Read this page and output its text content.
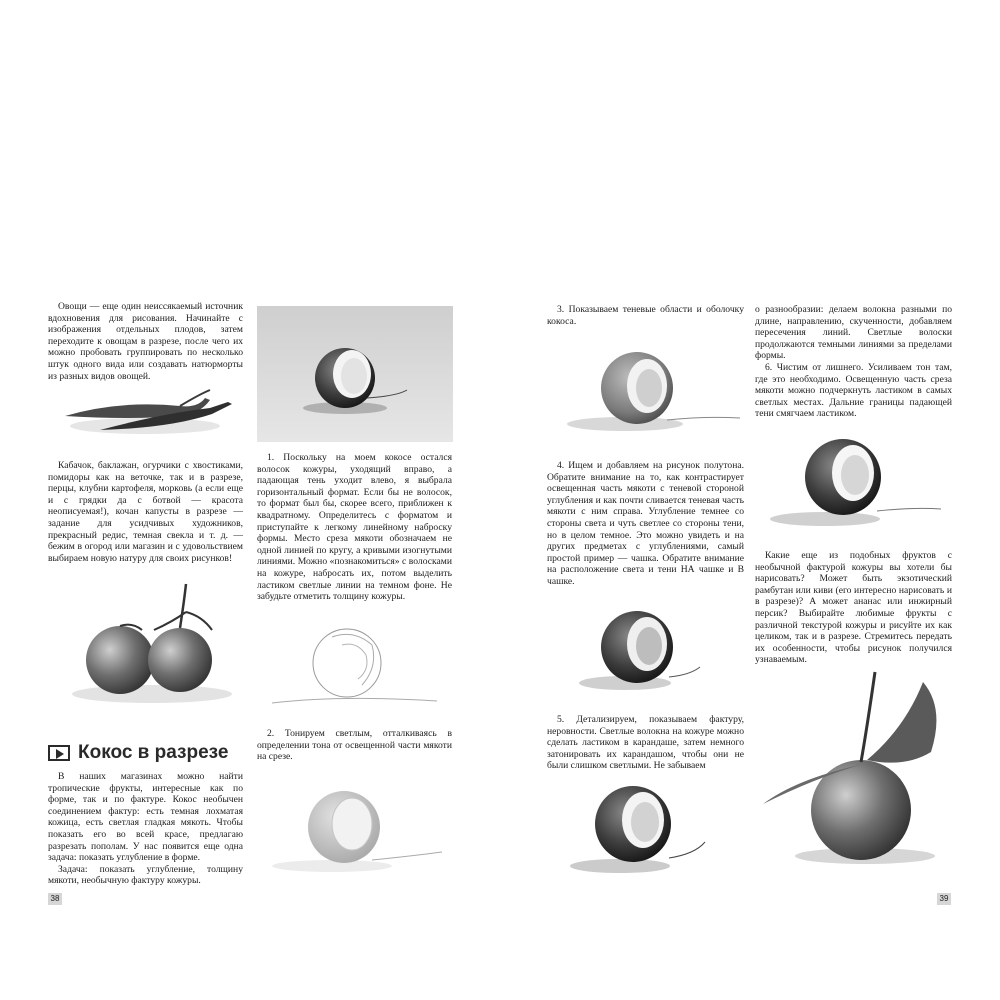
Овощи — еще один неиссякаемый источник вдохновения для рисования. Начинайте с изображения отдельных плодов, затем переходите к овощам в разрезе, после чего их можно пробовать группировать по несколько штук одного вида или создавать натюрморты из разных видов овощей.

Кабачок, баклажан, огурчики с хвостиками, помидоры как на веточке, так и в разрезе, перцы, клубни картофеля, морковь (а если еще и с грядки да с ботвой — красота неописуемая!), кочан капусты в разрезе — задание для усидчивых художников, прекрасный редис, темная свекла и т. д. — бежим в огород или магазин и с удовольствием выбираем новую натуру для своих рисунков!

Кокос в разрезе

В наших магазинах можно найти тропические фрукты, интересные как по форме, так и по фактуре. Кокос необычен соединением фактур: есть темная лохматая кожица, есть светлая гладкая мякоть. Чтобы показать его во всей красе, предлагаю разрезать пополам. У нас появится еще одна задача: показать углубление в форме.

Задача: показать углубление, толщину мякоти, необычную фактуру кожуры.

38

1. Поскольку на моем кокосе остался волосок кожуры, уходящий вправо, а падающая тень уходит влево, я выбрала горизонтальный формат. Если бы не волосок, то формат был бы, скорее всего, приближен к квадратному. Определитесь с форматом и приступайте к легкому линейному наброску формы. Место среза мякоти обозначаем не одной линией по кругу, а кривыми изогнутыми линиями. Можно «познакомиться» с волосками на кожуре, набросать их, потом выделить ластиком светлые линии на темном фоне. Не забудьте отметить толщину кожуры.

2. Тонируем светлым, отталкиваясь в определении тона от освещенной части мякоти на срезе.

3. Показываем теневые области и оболочку кокоса.

4. Ищем и добавляем на рисунок полутона. Обратите внимание на то, как контрастирует освещенная часть мякоти с теневой стороной углубления и как почти сливается теневая часть мякоти с ним справа. Углубление темнее со стороны света и чуть светлее со стороны тени, но в целом темное. Это можно увидеть и на других предметах с углублениями, самый простой пример — чашка. Обратите внимание на расположение света и тени НА чашке и В чашке.

5. Детализируем, показываем фактуру, неровности. Светлые волокна на кожуре можно сделать ластиком в карандаше, затем немного затонировать их карандашом, чтобы они не были слишком светлыми. Не забываем

о разнообразии: делаем волокна разными по длине, направлению, скученности, добавляем пересечения линий. Светлые волоски продолжаются темными линиями за пределами формы.

6. Чистим от лишнего. Усиливаем тон там, где это необходимо. Освещенную часть среза мякоти можно подчеркнуть ластиком в самых светлых местах. Дальние границы падающей тени смягчаем ластиком.

Какие еще из подобных фруктов с необычной фактурой кожуры вы хотели бы нарисовать? Может быть экзотический рамбутан или киви (его интересно нарисовать и в разрезе)? А может ананас или инжирный персик? Выбирайте любимые фрукты с различной текстурой кожуры и рисуйте их как целиком, так и в разрезе. Стремитесь передать их особенности, чтобы рисунок получился узнаваемым.

39
